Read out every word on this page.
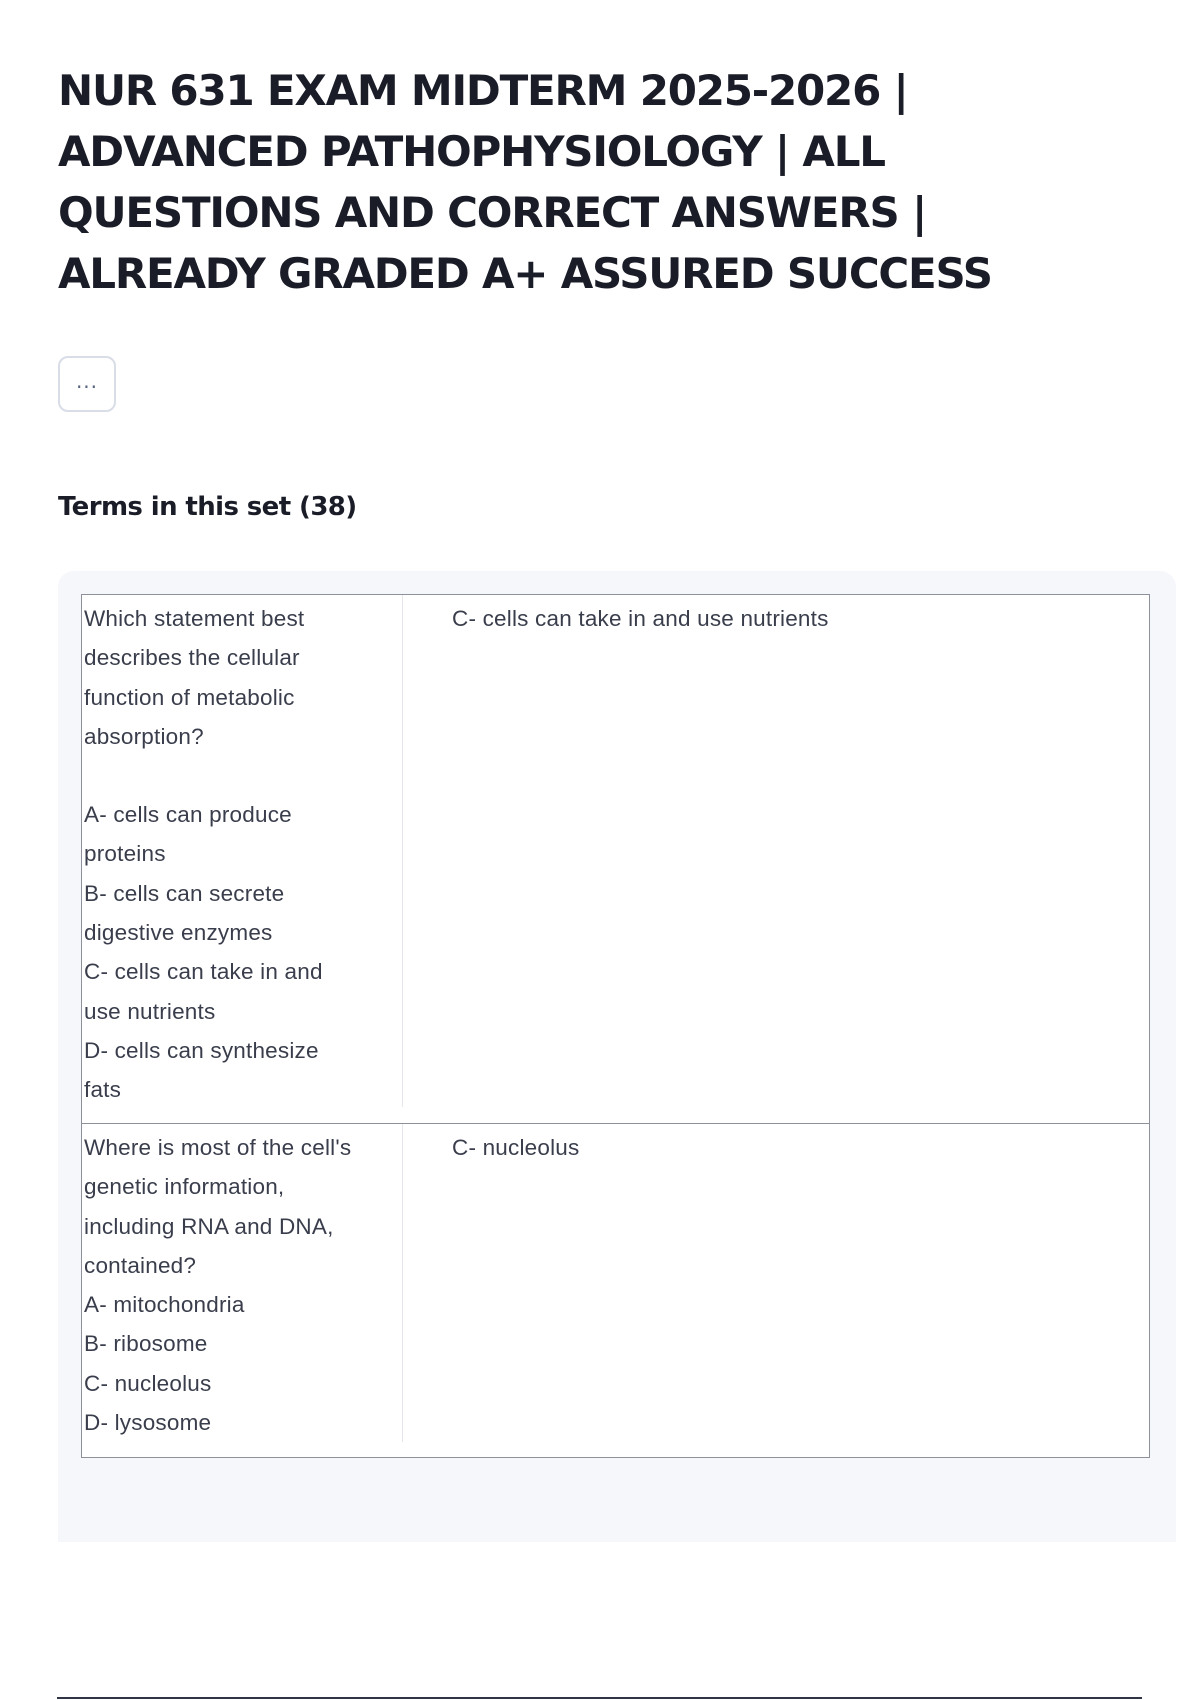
NUR 631 EXAM MIDTERM 2025-2026 |
ADVANCED PATHOPHYSIOLOGY | ALL
QUESTIONS AND CORRECT ANSWERS |
ALREADY GRADED A+ ASSURED SUCCESS
...
Terms in this set ( 38 )
Which statement best
describes the cellular
function of metabolic
absorption?
A- cells can produce
proteins
B- cells can secrete
digestive enzymes
C- cells can take in and
use nutrients
D- cells can synthesize
fats
C- cells can take in and use nutrients
Where is most of the cell's
genetic information,
including RNA and DNA,
contained?
A- mitochondria
B- ribosome
C- nucleolus
D- lysosome
C- nucleolus
